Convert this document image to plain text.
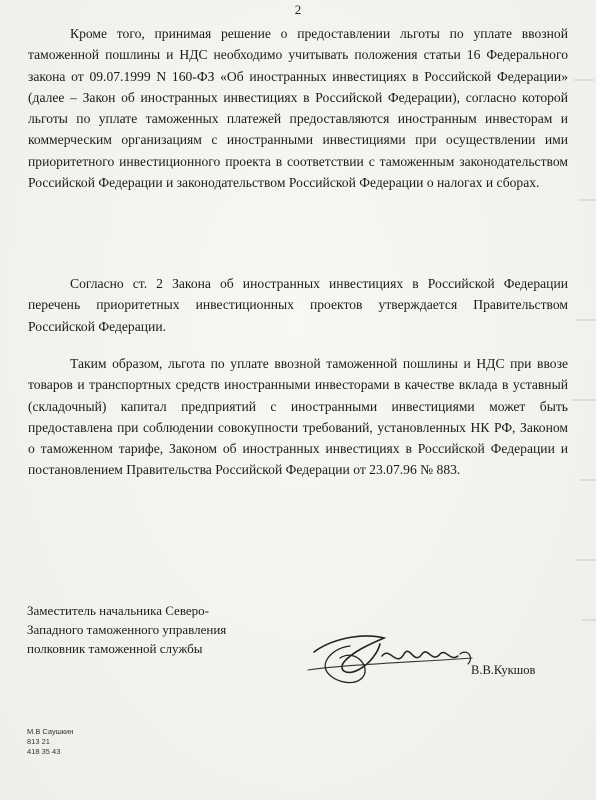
2

Кроме того, принимая решение о предоставлении льготы по уплате ввозной таможенной пошлины и НДС необходимо учитывать положения статьи 16 Федерального закона от 09.07.1999 N 160-ФЗ «Об иностранных инвестициях в Российской Федерации» (далее – Закон об иностранных инвестициях в Российской Федерации), согласно которой льготы по уплате таможенных платежей предоставляются иностранным инвесторам и коммерческим организациям с иностранными инвестициями при осуществлении ими приоритетного инвестиционного проекта в соответствии с таможенным законодательством Российской Федерации и законодательством Российской Федерации о налогах и сборах.

Согласно ст. 2 Закона об иностранных инвестициях в Российской Федерации перечень приоритетных инвестиционных проектов утверждается Правительством Российской Федерации.

Таким образом, льгота по уплате ввозной таможенной пошлины и НДС при ввозе товаров и транспортных средств иностранными инвесторами в качестве вклада в уставный (складочный) капитал предприятий с иностранными инвестициями может быть предоставлена при соблюдении совокупности требований, установленных НК РФ, Законом о таможенном тарифе, Законом об иностранных инвестициях в Российской Федерации и постановлением Правительства Российской Федерации от 23.07.96 № 883.

Заместитель начальника Северо-
Западного таможенного управления
полковник таможенной службы
В.В.Кукшов
М.В Саушкин
813 21
418 35 43
